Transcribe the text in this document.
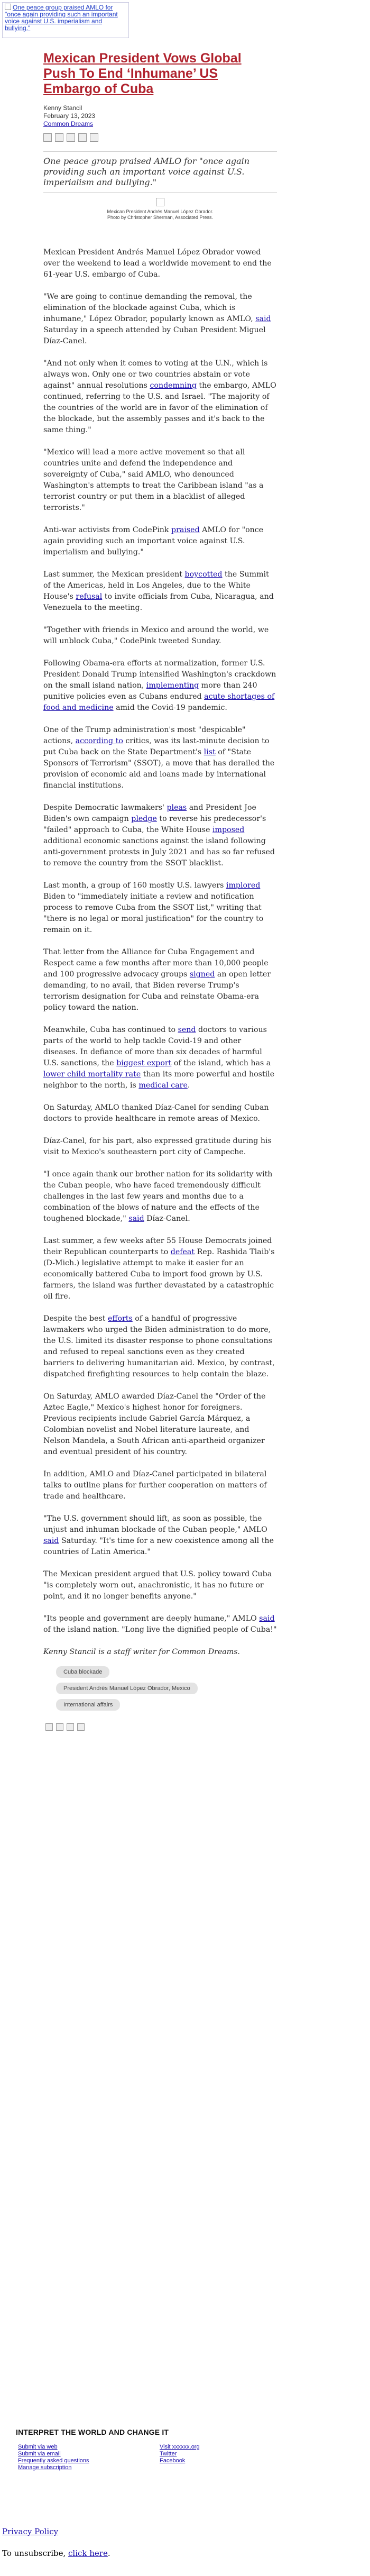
One peace group praised AMLO for "once again providing such an important voice against U.S. imperialism and bullying."
Mexican President Vows Global Push To End ‘Inhumane’ US Embargo of Cuba
Kenny Stancil
February 13, 2023
Common Dreams
One peace group praised AMLO for "once again providing such an important voice against U.S. imperialism and bullying."
Mexican President Andrés Manuel López Obrador.
Photo by Christopher Sherman, Associated Press.

Mexican President Andrés Manuel López Obrador vowed over the weekend to lead a worldwide movement to end the 61-year U.S. embargo of Cuba.

"We are going to continue demanding the removal, the elimination of the blockade against Cuba, which is inhumane," López Obrador, popularly known as AMLO, said Saturday in a speech attended by Cuban President Miguel Díaz-Canel.

"And not only when it comes to voting at the U.N., which is always won. Only one or two countries abstain or vote against" annual resolutions condemning the embargo, AMLO continued, referring to the U.S. and Israel. "The majority of the countries of the world are in favor of the elimination of the blockade, but the assembly passes and it's back to the same thing."

"Mexico will lead a more active movement so that all countries unite and defend the independence and sovereignty of Cuba," said AMLO, who denounced Washington's attempts to treat the Caribbean island "as a terrorist country or put them in a blacklist of alleged terrorists."

Anti-war activists from CodePink praised AMLO for "once again providing such an important voice against U.S. imperialism and bullying."

Last summer, the Mexican president boycotted the Summit of the Americas, held in Los Angeles, due to the White House's refusal to invite officials from Cuba, Nicaragua, and Venezuela to the meeting.

"Together with friends in Mexico and around the world, we will unblock Cuba," CodePink tweeted Sunday.

Following Obama-era efforts at normalization, former U.S. President Donald Trump intensified Washington's crackdown on the small island nation, implementing more than 240 punitive policies even as Cubans endured acute shortages of food and medicine amid the Covid-19 pandemic.

One of the Trump administration's most "despicable" actions, according to critics, was its last-minute decision to put Cuba back on the State Department's list of "State Sponsors of Terrorism" (SSOT), a move that has derailed the provision of economic aid and loans made by international financial institutions.

Despite Democratic lawmakers' pleas and President Joe Biden's own campaign pledge to reverse his predecessor's "failed" approach to Cuba, the White House imposed additional economic sanctions against the island following anti-government protests in July 2021 and has so far refused to remove the country from the SSOT blacklist.

Last month, a group of 160 mostly U.S. lawyers implored Biden to "immediately initiate a review and notification process to remove Cuba from the SSOT list," writing that "there is no legal or moral justification" for the country to remain on it.

That letter from the Alliance for Cuba Engagement and Respect came a few months after more than 10,000 people and 100 progressive advocacy groups signed an open letter demanding, to no avail, that Biden reverse Trump's terrorism designation for Cuba and reinstate Obama-era policy toward the nation.

Meanwhile, Cuba has continued to send doctors to various parts of the world to help tackle Covid-19 and other diseases. In defiance of more than six decades of harmful U.S. sanctions, the biggest export of the island, which has a lower child mortality rate than its more powerful and hostile neighbor to the north, is medical care.

On Saturday, AMLO thanked Díaz-Canel for sending Cuban doctors to provide healthcare in remote areas of Mexico.

Díaz-Canel, for his part, also expressed gratitude during his visit to Mexico's southeastern port city of Campeche.

"I once again thank our brother nation for its solidarity with the Cuban people, who have faced tremendously difficult challenges in the last few years and months due to a combination of the blows of nature and the effects of the toughened blockade," said Díaz-Canel.

Last summer, a few weeks after 55 House Democrats joined their Republican counterparts to defeat Rep. Rashida Tlaib's (D-Mich.) legislative attempt to make it easier for an economically battered Cuba to import food grown by U.S. farmers, the island was further devastated by a catastrophic oil fire.

Despite the best efforts of a handful of progressive lawmakers who urged the Biden administration to do more, the U.S. limited its disaster response to phone consultations and refused to repeal sanctions even as they created barriers to delivering humanitarian aid. Mexico, by contrast, dispatched firefighting resources to help contain the blaze.

On Saturday, AMLO awarded Díaz-Canel the "Order of the Aztec Eagle," Mexico's highest honor for foreigners. Previous recipients include Gabriel García Márquez, a Colombian novelist and Nobel literature laureate, and Nelson Mandela, a South African anti-apartheid organizer and eventual president of his country.

In addition, AMLO and Díaz-Canel participated in bilateral talks to outline plans for further cooperation on matters of trade and healthcare.

"The U.S. government should lift, as soon as possible, the unjust and inhuman blockade of the Cuban people," AMLO said Saturday. "It's time for a new coexistence among all the countries of Latin America."

The Mexican president argued that U.S. policy toward Cuba "is completely worn out, anachronistic, it has no future or point, and it no longer benefits anyone."

"Its people and government are deeply humane," AMLO said of the island nation. "Long live the dignified people of Cuba!"

Kenny Stancil is a staff writer for Common Dreams.

Cuba blockade
President Andrés Manuel López Obrador, Mexico
International affairs
INTERPRET THE WORLD AND CHANGE IT
Submit via web
Submit via email
Frequently asked questions
Manage subscription
Visit xxxxxx.org
Twitter
Facebook
Privacy Policy
To unsubscribe, click here.
